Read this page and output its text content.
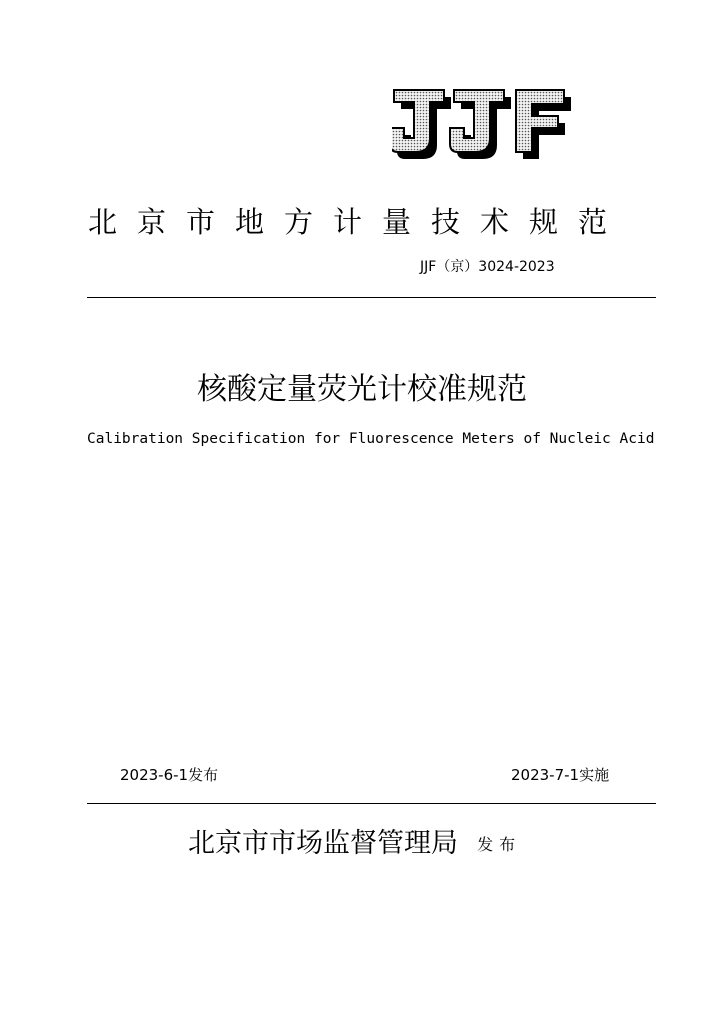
北京市地方计量技术规范
JJF（京）3024-2023
核酸定量荧光计校准规范
Calibration Specification for Fluorescence Meters of Nucleic Acid
2023-6-1发布	2023-7-1实施
北京市市场监督管理局 发布
